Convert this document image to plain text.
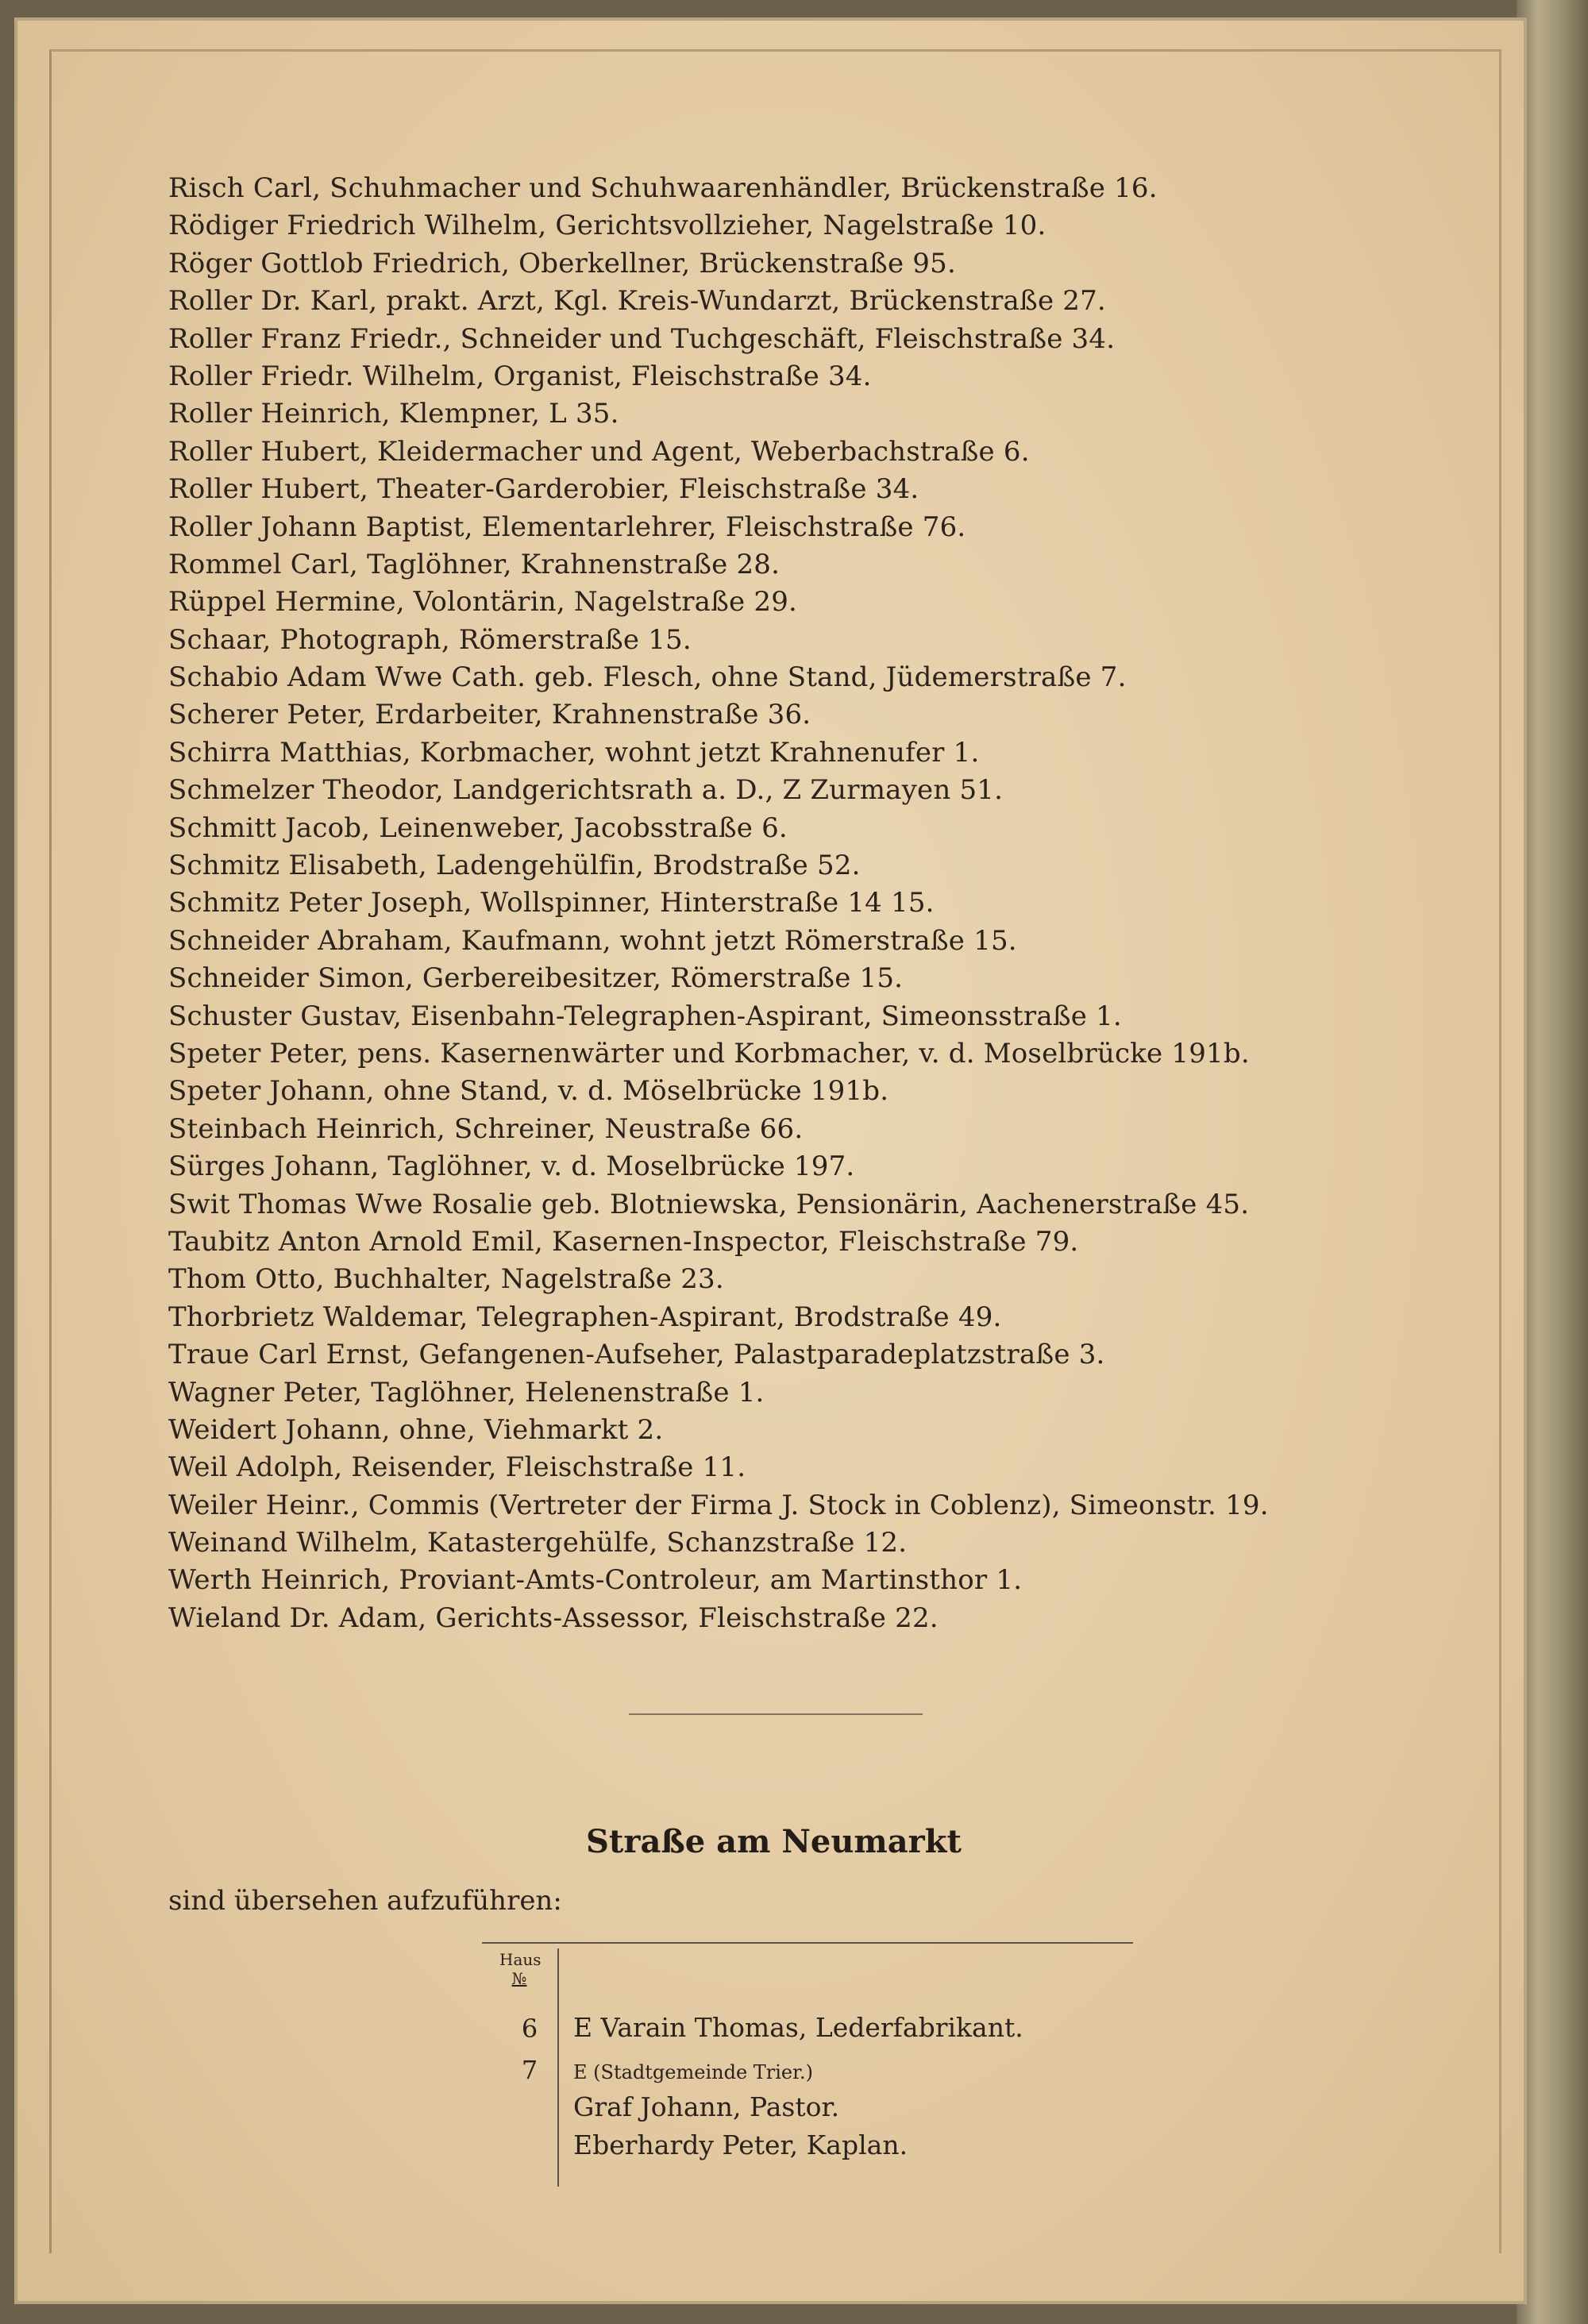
Risch Carl, Schuhmacher und Schuhwaarenhändler, Brückenstraße 16.
Rödiger Friedrich Wilhelm, Gerichtsvollzieher, Nagelstraße 10.
Röger Gottlob Friedrich, Oberkellner, Brückenstraße 95.
Roller Dr. Karl, prakt. Arzt, Kgl. Kreis-Wundarzt, Brückenstraße 27.
Roller Franz Friedr., Schneider und Tuchgeschäft, Fleischstraße 34.
Roller Friedr. Wilhelm, Organist, Fleischstraße 34.
Roller Heinrich, Klempner, L 35.
Roller Hubert, Kleidermacher und Agent, Weberbachstraße 6.
Roller Hubert, Theater-Garderobier, Fleischstraße 34.
Roller Johann Baptist, Elementarlehrer, Fleischstraße 76.
Rommel Carl, Taglöhner, Krahnenstraße 28.
Rüppel Hermine, Volontärin, Nagelstraße 29.
Schaar, Photograph, Römerstraße 15.
Schabio Adam Wwe Cath. geb. Flesch, ohne Stand, Jüdemerstraße 7.
Scherer Peter, Erdarbeiter, Krahnenstraße 36.
Schirra Matthias, Korbmacher, wohnt jetzt Krahnenufer 1.
Schmelzer Theodor, Landgerichtsrath a. D., Z Zurmayen 51.
Schmitt Jacob, Leinenweber, Jacobsstraße 6.
Schmitz Elisabeth, Ladengehülfin, Brodstraße 52.
Schmitz Peter Joseph, Wollspinner, Hinterstraße 14 15.
Schneider Abraham, Kaufmann, wohnt jetzt Römerstraße 15.
Schneider Simon, Gerbereibesitzer, Römerstraße 15.
Schuster Gustav, Eisenbahn-Telegraphen-Aspirant, Simeonsstraße 1.
Speter Peter, pens. Kasernenwärter und Korbmacher, v. d. Moselbrücke 191b.
Speter Johann, ohne Stand, v. d. Möselbrücke 191b.
Steinbach Heinrich, Schreiner, Neustraße 66.
Sürges Johann, Taglöhner, v. d. Moselbrücke 197.
Swit Thomas Wwe Rosalie geb. Blotniewska, Pensionärin, Aachenerstraße 45.
Taubitz Anton Arnold Emil, Kasernen-Inspector, Fleischstraße 79.
Thom Otto, Buchhalter, Nagelstraße 23.
Thorbrietz Waldemar, Telegraphen-Aspirant, Brodstraße 49.
Traue Carl Ernst, Gefangenen-Aufseher, Palastparadeplatzstraße 3.
Wagner Peter, Taglöhner, Helenenstraße 1.
Weidert Johann, ohne, Viehmarkt 2.
Weil Adolph, Reisender, Fleischstraße 11.
Weiler Heinr., Commis (Vertreter der Firma J. Stock in Coblenz), Simeonstr. 19.
Weinand Wilhelm, Katastergehülfe, Schanzstraße 12.
Werth Heinrich, Proviant-Amts-Controleur, am Martinsthor 1.
Wieland Dr. Adam, Gerichts-Assessor, Fleischstraße 22.
Straße am Neumarkt
sind übersehen aufzuführen:
Haus
№
6 E Varain Thomas, Lederfabrikant.
7	E (Stadtgemeinde Trier.)
Graf Johann, Pastor.
Eberhardy Peter, Kaplan.
